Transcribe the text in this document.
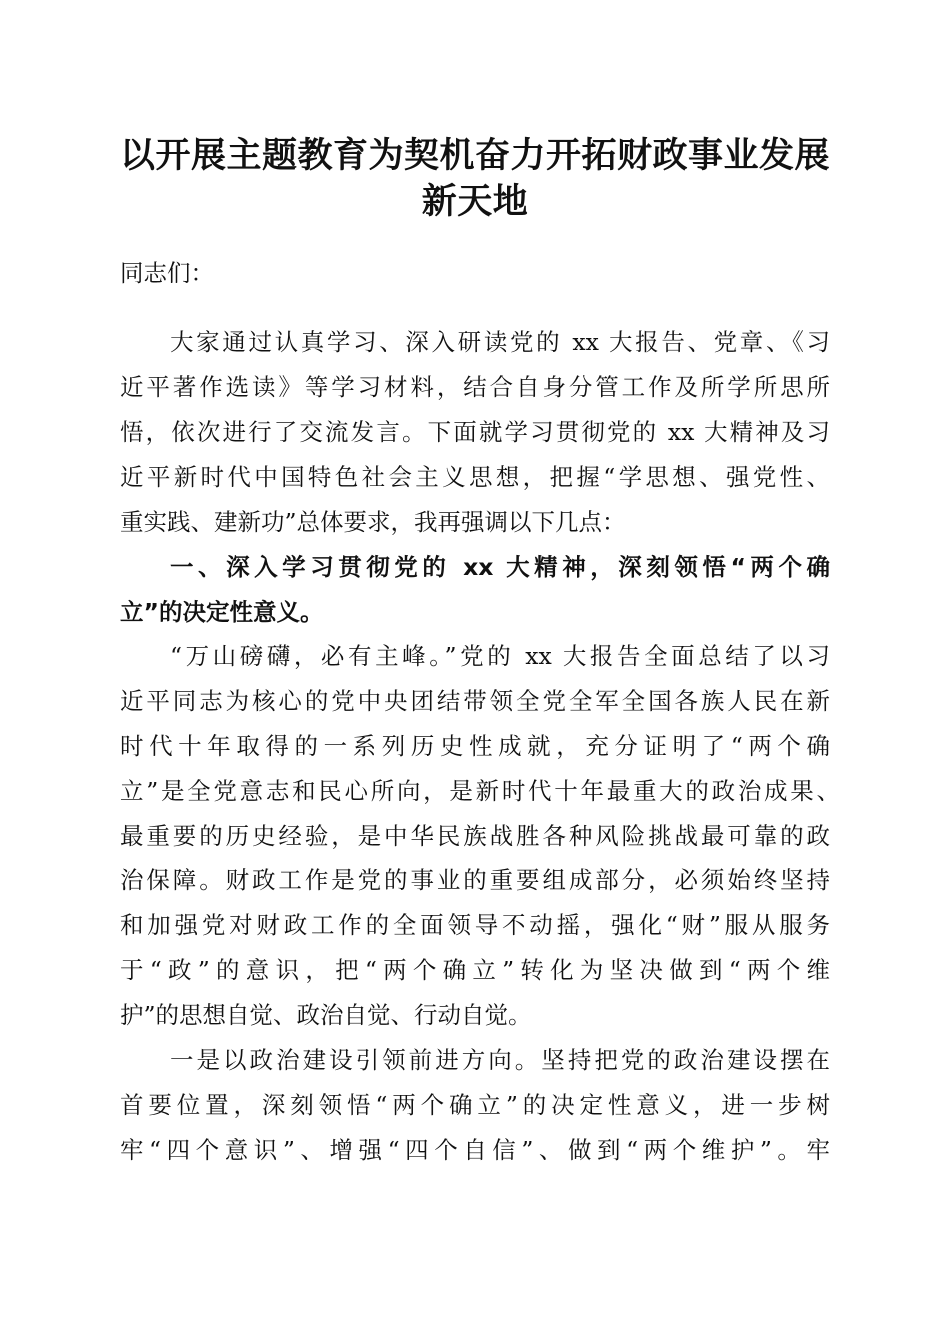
以开展主题教育为契机奋力开拓财政事业发展
新天地
同志们：
大家通过认真学习、深入研读党的 xx 大报告、党章、《习
近平著作选读》等学习材料，结合自身分管工作及所学所思所
悟，依次进行了交流发言。下面就学习贯彻党的 xx 大精神及习
近平新时代中国特色社会主义思想，把握“学思想、强党性、
重实践、建新功”总体要求，我再强调以下几点：
一、深入学习贯彻党的 xx 大精神，深刻领悟“两个确
立”的决定性意义。
“万山磅礴，必有主峰。”党的 xx 大报告全面总结了以习
近平同志为核心的党中央团结带领全党全军全国各族人民在新
时代十年取得的一系列历史性成就，充分证明了“两个确
立”是全党意志和民心所向，是新时代十年最重大的政治成果、
最重要的历史经验，是中华民族战胜各种风险挑战最可靠的政
治保障。财政工作是党的事业的重要组成部分，必须始终坚持
和加强党对财政工作的全面领导不动摇，强化“财”服从服务
于“政”的意识，把“两个确立”转化为坚决做到“两个维
护”的思想自觉、政治自觉、行动自觉。
一是以政治建设引领前进方向。坚持把党的政治建设摆在
首要位置，深刻领悟“两个确立”的决定性意义，进一步树
牢“四个意识”、增强“四个自信”、做到“两个维护”。牢
